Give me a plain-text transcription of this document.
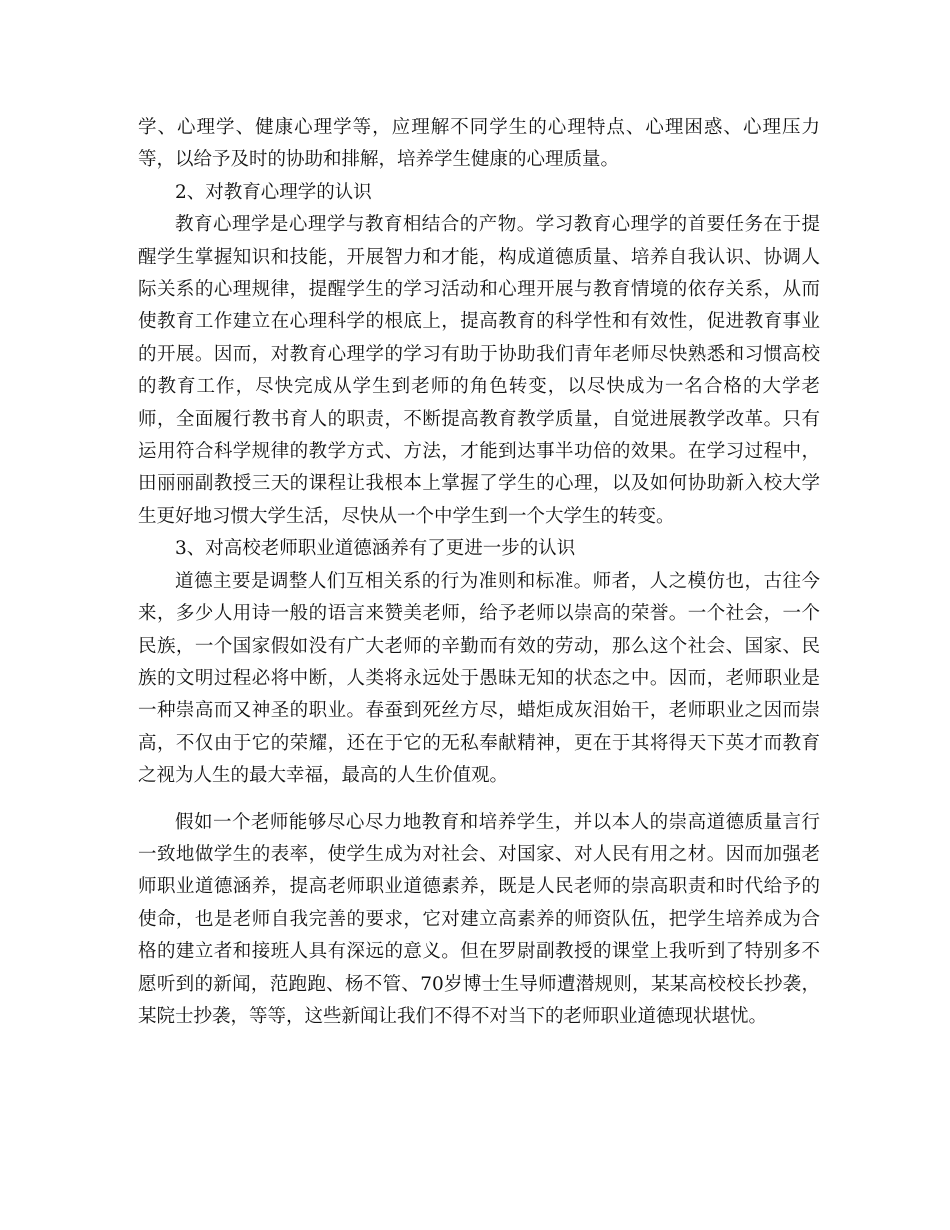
学、心理学、健康心理学等，应理解不同学生的心理特点、心理困惑、心理压力等，以给予及时的协助和排解，培养学生健康的心理质量。

2、对教育心理学的认识

教育心理学是心理学与教育相结合的产物。学习教育心理学的首要任务在于提醒学生掌握知识和技能，开展智力和才能，构成道德质量、培养自我认识、协调人际关系的心理规律，提醒学生的学习活动和心理开展与教育情境的依存关系，从而使教育工作建立在心理科学的根底上，提高教育的科学性和有效性，促进教育事业的开展。因而，对教育心理学的学习有助于协助我们青年老师尽快熟悉和习惯高校的教育工作，尽快完成从学生到老师的角色转变，以尽快成为一名合格的大学老师，全面履行教书育人的职责，不断提高教育教学质量，自觉进展教学改革。只有运用符合科学规律的教学方式、方法，才能到达事半功倍的效果。在学习过程中，田丽丽副教授三天的课程让我根本上掌握了学生的心理，以及如何协助新入校大学生更好地习惯大学生活，尽快从一个中学生到一个大学生的转变。

3、对高校老师职业道德涵养有了更进一步的认识

道德主要是调整人们互相关系的行为准则和标准。师者，人之模仿也，古往今来，多少人用诗一般的语言来赞美老师，给予老师以崇高的荣誉。一个社会，一个民族，一个国家假如没有广大老师的辛勤而有效的劳动，那么这个社会、国家、民族的文明过程必将中断，人类将永远处于愚昧无知的状态之中。因而，老师职业是一种崇高而又神圣的职业。春蚕到死丝方尽，蜡炬成灰泪始干，老师职业之因而崇高，不仅由于它的荣耀，还在于它的无私奉献精神，更在于其将得天下英才而教育之视为人生的最大幸福，最高的人生价值观。

假如一个老师能够尽心尽力地教育和培养学生，并以本人的崇高道德质量言行一致地做学生的表率，使学生成为对社会、对国家、对人民有用之材。因而加强老师职业道德涵养，提高老师职业道德素养，既是人民老师的崇高职责和时代给予的使命，也是老师自我完善的要求，它对建立高素养的师资队伍，把学生培养成为合格的建立者和接班人具有深远的意义。但在罗尉副教授的课堂上我听到了特别多不愿听到的新闻，范跑跑、杨不管、70岁博士生导师遭潜规则，某某高校校长抄袭，某院士抄袭，等等，这些新闻让我们不得不对当下的老师职业道德现状堪忧。
